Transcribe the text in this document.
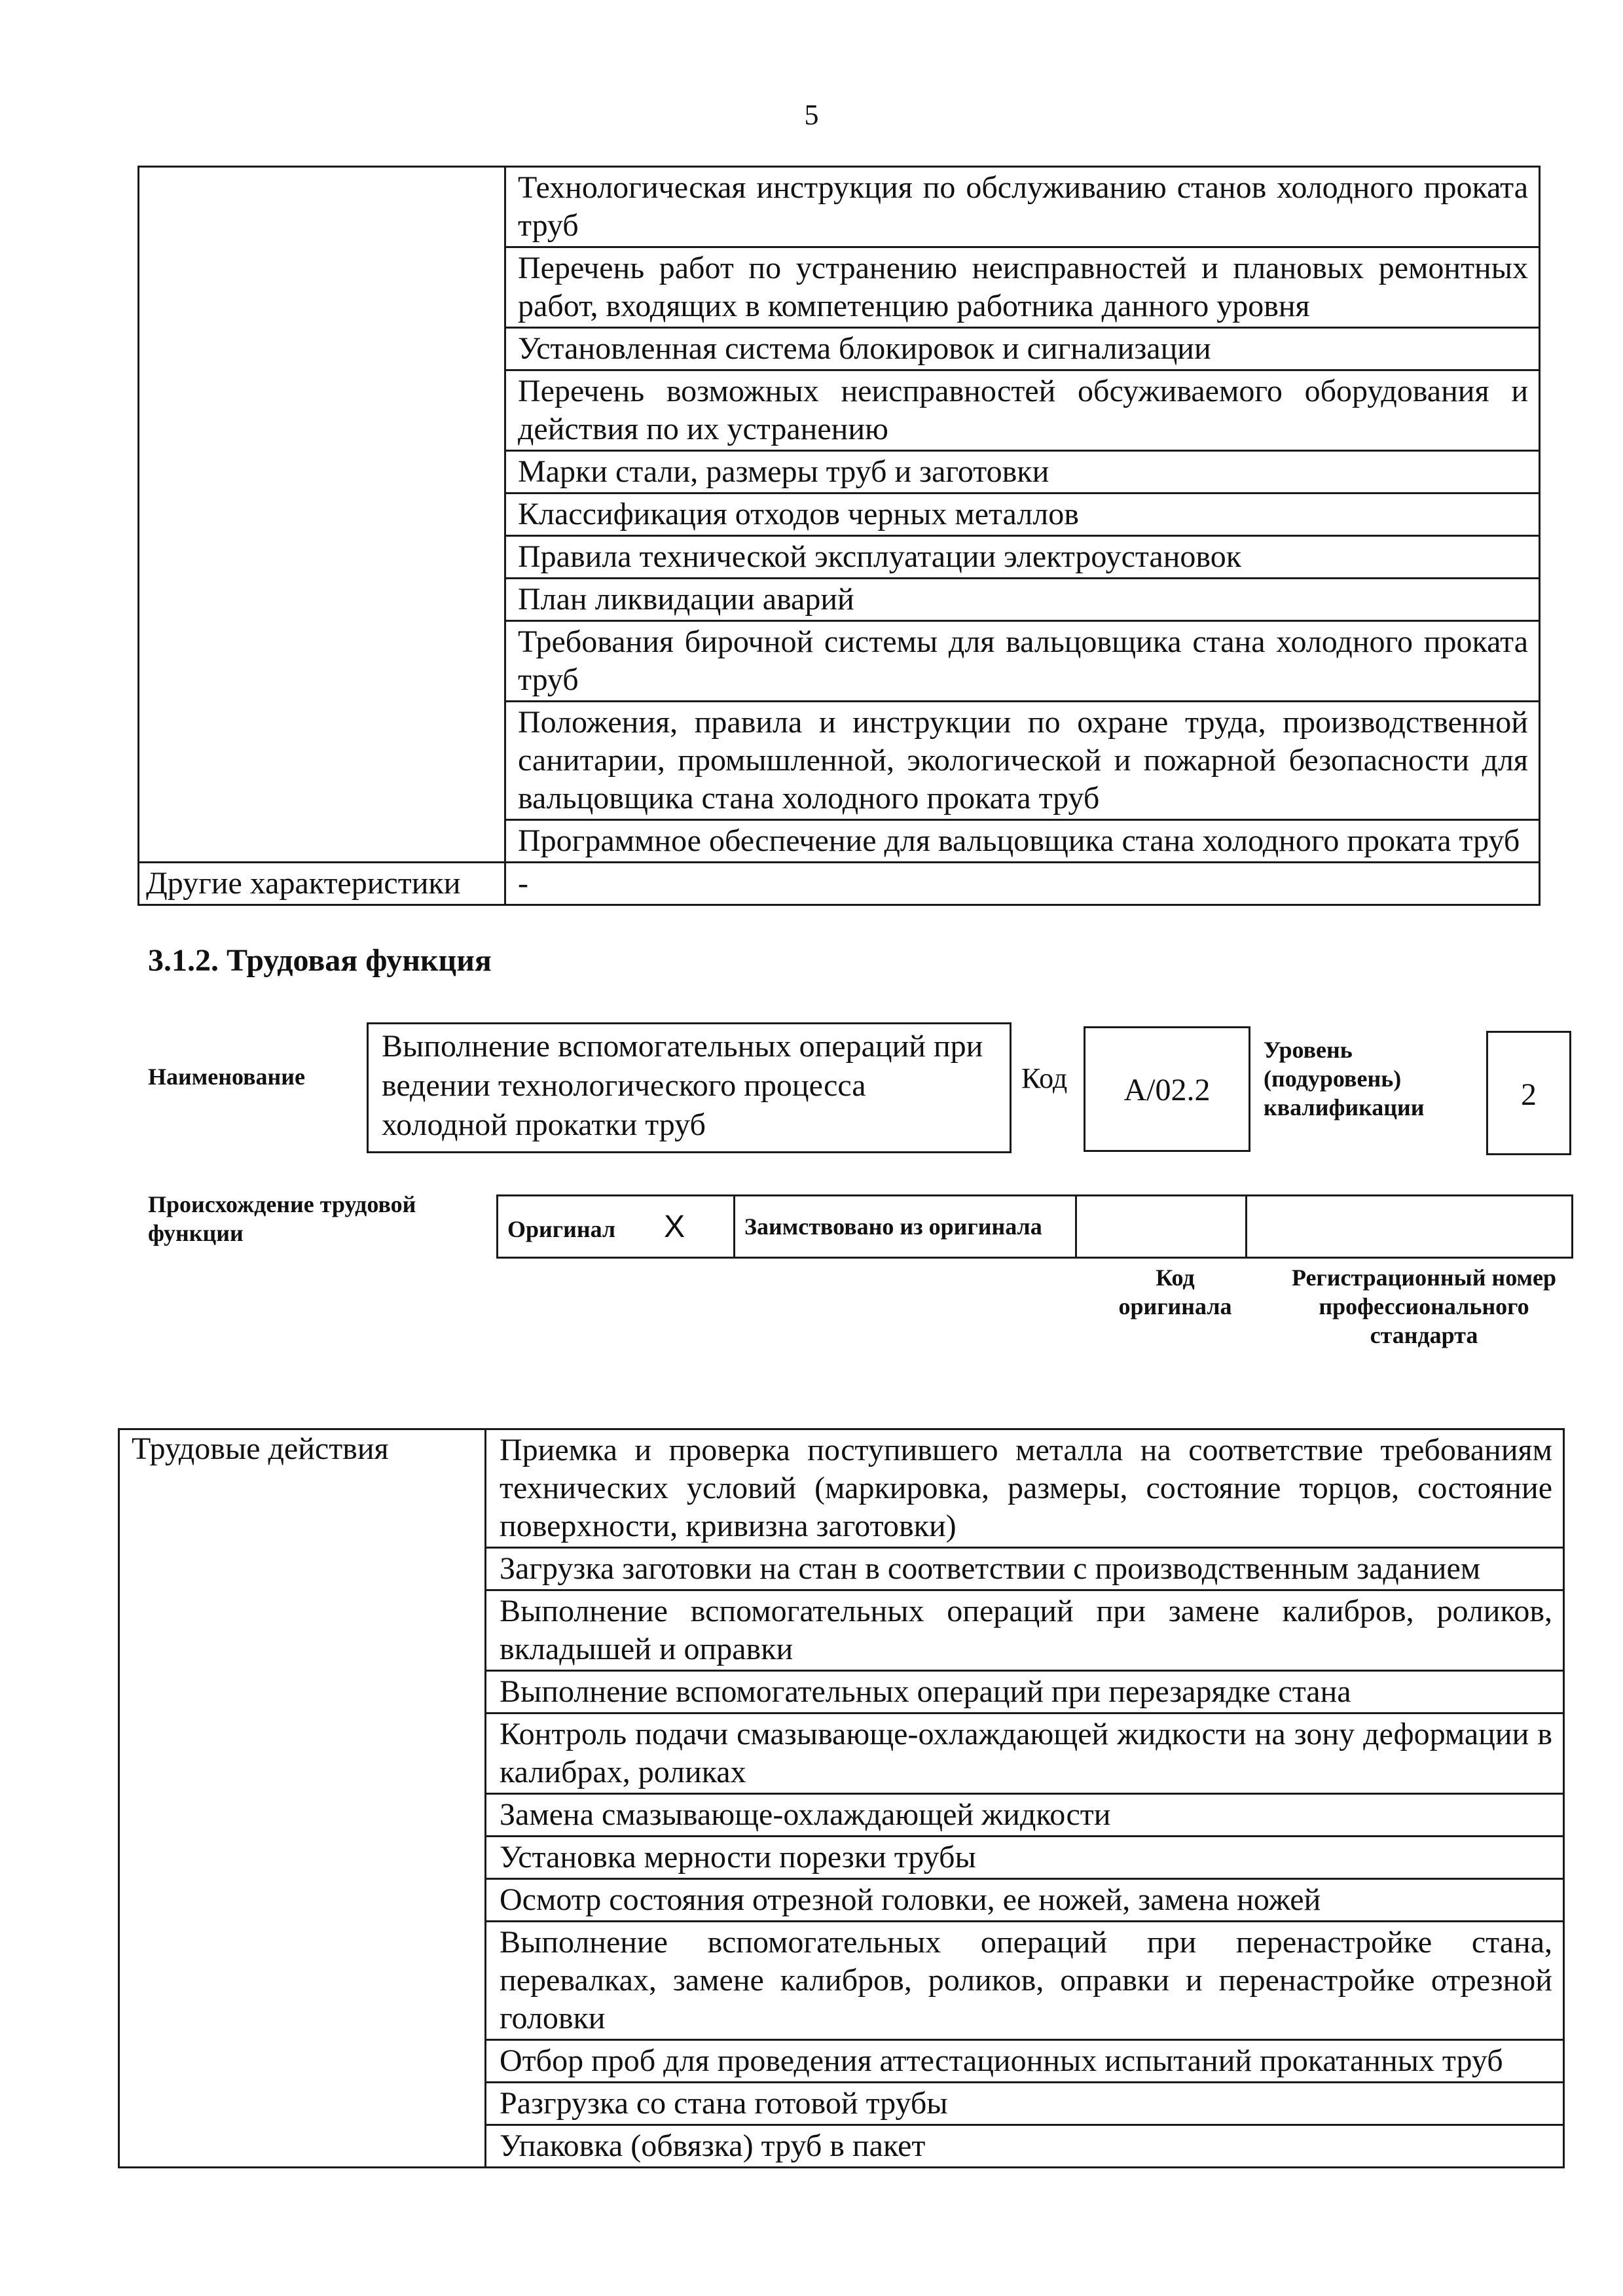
5
	Технологическая инструкция по обслуживанию станов холодного проката труб
	Перечень работ по устранению неисправностей и плановых ремонтных работ, входящих в компетенцию работника данного уровня
	Установленная система блокировок и сигнализации
	Перечень возможных неисправностей обсуживаемого оборудования и действия по их устранению
	Марки стали, размеры труб и заготовки
	Классификация отходов черных металлов
	Правила технической эксплуатации электроустановок
	План ликвидации аварий
	Требования бирочной системы для вальцовщика стана холодного проката труб
	Положения, правила и инструкции по охране труда, производственной санитарии, промышленной, экологической и пожарной безопасности для вальцовщика стана холодного проката труб
	Программное обеспечение для вальцовщика стана холодного проката труб
Другие характеристики	-
3.1.2. Трудовая функция
Наименование
Выполнение вспомогательных операций при ведении технологического процесса холодной прокатки труб
Код	A/02.2
Уровень (подуровень) квалификации	2
Происхождение трудовой функции	Оригинал X	Заимствовано из оригинала		
Код оригинала
Регистрационный номер профессионального стандарта
Трудовые действия	Приемка и проверка поступившего металла на соответствие требованиям технических условий (маркировка, размеры, состояние торцов, состояние поверхности, кривизна заготовки)
Загрузка заготовки на стан в соответствии с производственным заданием
Выполнение вспомогательных операций при замене калибров, роликов, вкладышей и оправки
Выполнение вспомогательных операций при перезарядке стана
Контроль подачи смазывающе-охлаждающей жидкости на зону деформации в калибрах, роликах
Замена смазывающе-охлаждающей жидкости
Установка мерности порезки трубы
Осмотр состояния отрезной головки, ее ножей, замена ножей
Выполнение вспомогательных операций при перенастройке стана, перевалках, замене калибров, роликов, оправки и перенастройке отрезной головки
Отбор проб для проведения аттестационных испытаний прокатанных труб
Разгрузка со стана готовой трубы
Упаковка (обвязка) труб в пакет
